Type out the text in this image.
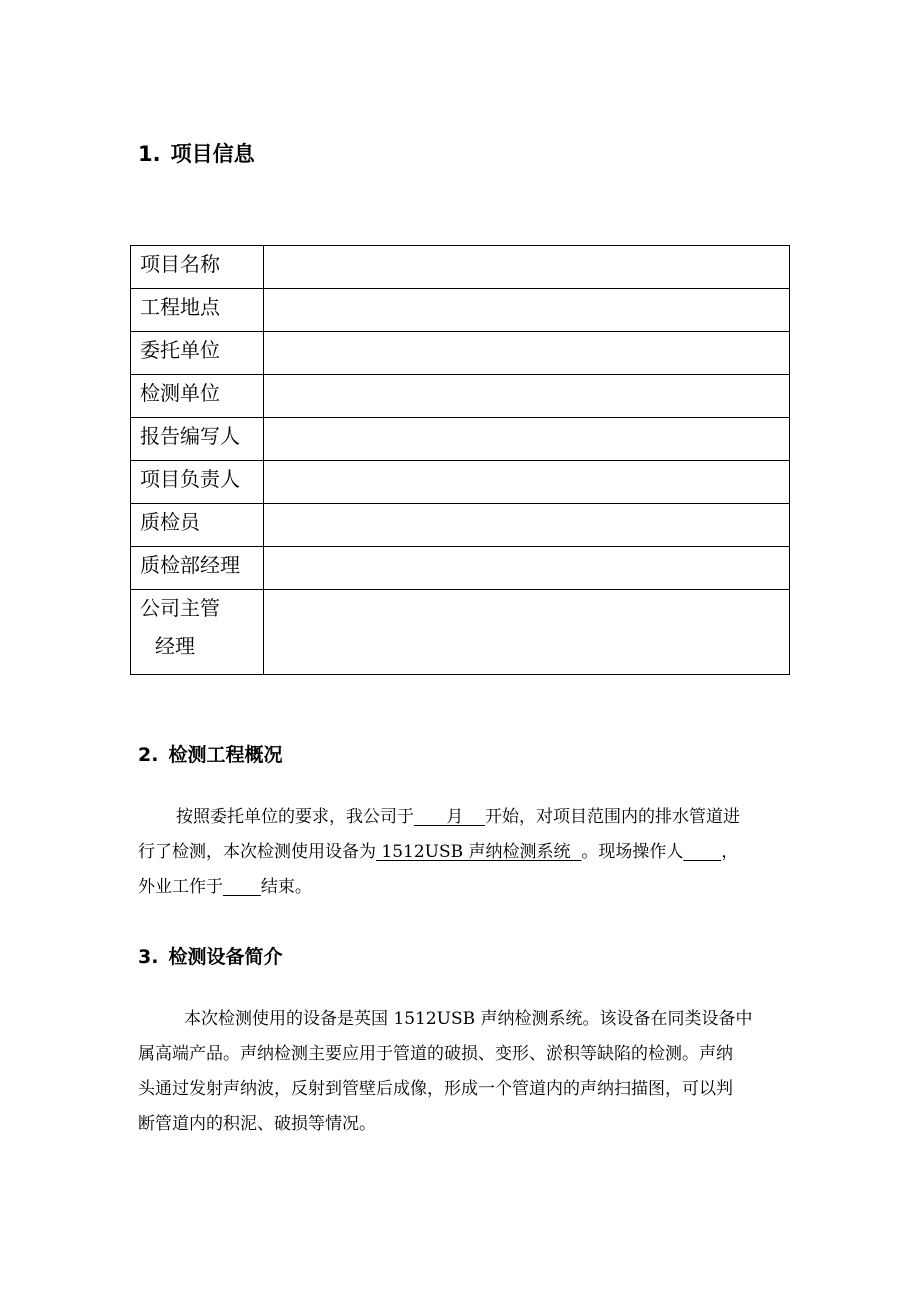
1. 项目信息
项目名称	
工程地点	
委托单位	
检测单位	
报告编写人	
项目负责人	
质检员	
质检部经理	

公司主管
经理	

2. 检测工程概况

按照委托单位的要求，我公司于      月    开始，对项目范围内的排水管道进
行了检测，本次检测使用设备为 1512USB 声纳检测系统  。现场操作人 ，
外业工作于 结束。

3. 检测设备简介

本次检测使用的设备是英国 1512USB 声纳检测系统。该设备在同类设备中
属高端产品。声纳检测主要应用于管道的破损、变形、淤积等缺陷的检测。声纳
头通过发射声纳波，反射到管壁后成像，形成一个管道内的声纳扫描图，可以判
断管道内的积泥、破损等情况。
